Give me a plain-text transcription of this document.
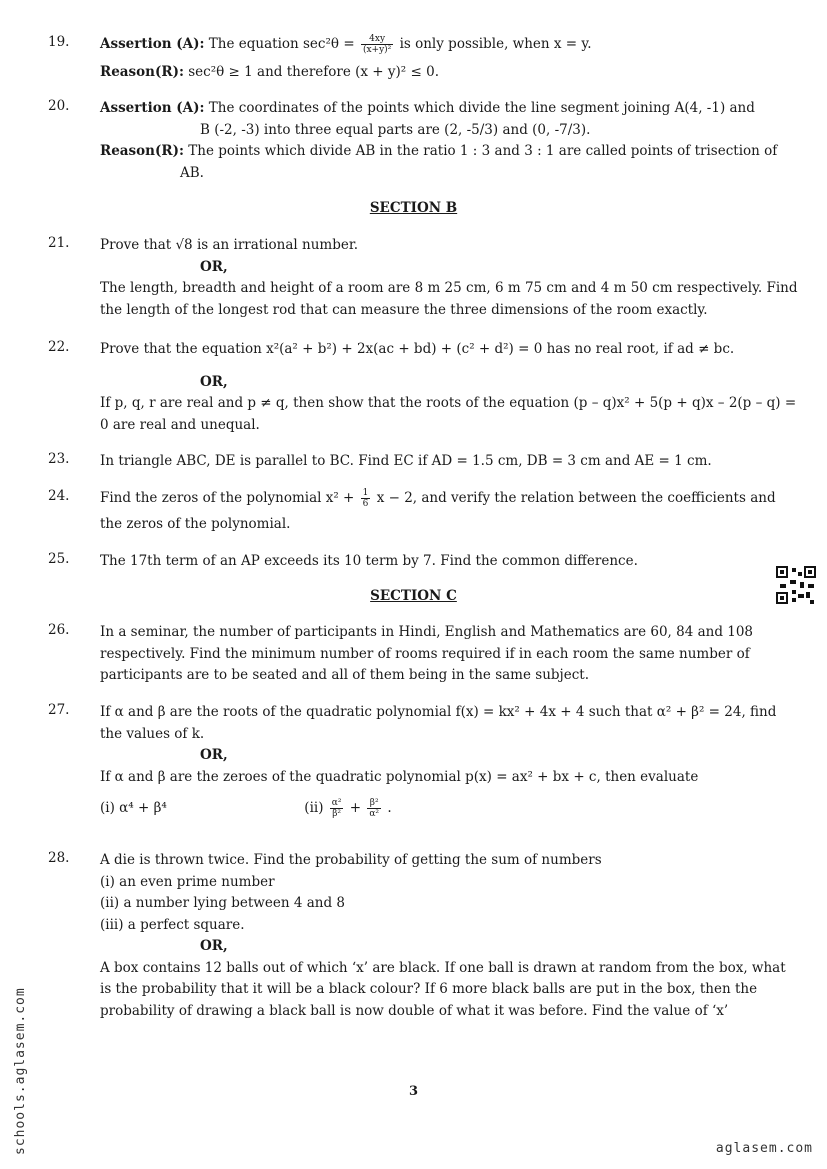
19. Assertion (A): The equation $\sec^2\theta = \frac{4xy}{\text{(x+y)²}}$ is only possible, when x = y.
Reason(R): sec²θ ≥ 1 and therefore (x + y)² ≤ 0.
20. Assertion (A): The coordinates of the points which divide the line segment joining A(4, -1) and
B (-2, -3) into three equal parts are (2, -5/3) and (0, -7/3).
Reason(R): The points which divide AB in the ratio 1 : 3 and 3 : 1 are called points of trisection of
AB.
SECTION B
21. Prove that √8 is an irrational number.
OR,
The length, breadth and height of a room are 8 m 25 cm, 6 m 75 cm and 4 m 50 cm respectively. Find
the length of the longest rod that can measure the three dimensions of the room exactly.
22. Prove that the equation x²(a² + b²) + 2x(ac + bd) + (c² + d²) = 0 has no real root, if ad ≠ bc.
OR,
If p, q, r are real and p ≠ q, then show that the roots of the equation (p – q)x² + 5(p + q)x – 2(p – q) =
0 are real and unequal.
23. In triangle ABC, DE is parallel to BC. Find EC if AD = 1.5 cm, DB = 3 cm and AE = 1 cm.
24. Find the zeros of the polynomial $x^2 + \frac{1}{6}$ x − 2, and verify the relation between the coefficients and
the zeros of the polynomial.
25. The 17th term of an AP exceeds its 10 term by 7. Find the common difference.
SECTION C
26. In a seminar, the number of participants in Hindi, English and Mathematics are 60, 84 and 108
respectively. Find the minimum number of rooms required if in each room the same number of
participants are to be seated and all of them being in the same subject.
27. If α and β are the roots of the quadratic polynomial f(x) = kx² + 4x + 4 such that α² + β² = 24, find
the values of k.
OR,
If α and β are the zeroes of the quadratic polynomial p(x) = ax² + bx + c, then evaluate
(i) α⁴ + β⁴	$(ii) \frac{\text{α²}}{\text{β²}} + \frac{\text{β²}}{\text{α²}}$ .
28. A die is thrown twice. Find the probability of getting the sum of numbers
(i) an even prime number
(ii) a number lying between 4 and 8
(iii) a perfect square.
OR,
A box contains 12 balls out of which ‘x’ are black. If one ball is drawn at random from the box, what
is the probability that it will be a black colour? If 6 more black balls are put in the box, then the
probability of drawing a black ball is now double of what it was before. Find the value of ‘x’
3
schools.aglasem.com	aglasem.com
